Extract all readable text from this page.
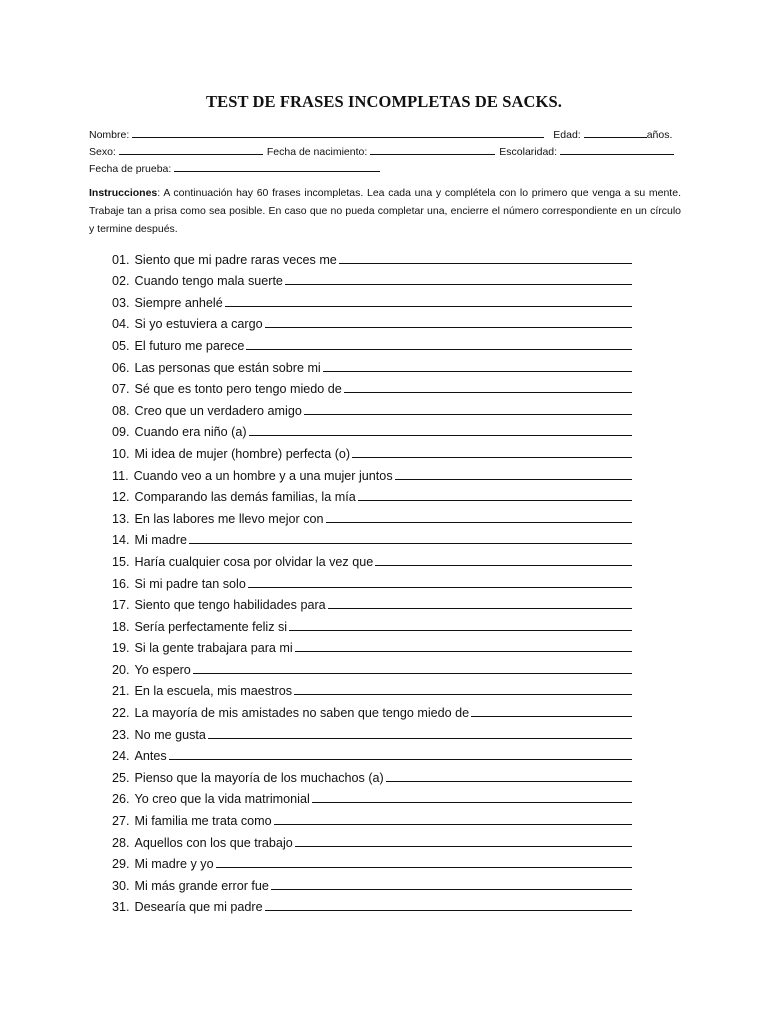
TEST DE FRASES INCOMPLETAS DE SACKS.
Nombre:	Edad:	años.
Sexo:	Fecha de nacimiento:	Escolaridad:
Fecha de prueba:
Instrucciones: A continuación hay 60 frases incompletas. Lea cada una y complétela con lo primero que venga a su mente. Trabaje tan a prisa como sea posible. En caso que no pueda completar una, encierre el número correspondiente en un círculo y termine después.
01. Siento que mi padre raras veces me
02. Cuando tengo mala suerte
03. Siempre anhelé
04. Si yo estuviera a cargo
05. El futuro me parece
06. Las personas que están sobre mi
07. Sé que es tonto pero tengo miedo de
08. Creo que un verdadero amigo
09. Cuando era niño (a)
10. Mi idea de mujer (hombre) perfecta (o)
11. Cuando veo a un hombre y a una mujer juntos
12. Comparando las demás familias, la mía
13. En las labores me llevo mejor con
14. Mi madre
15. Haría cualquier cosa por olvidar la vez que
16. Si mi padre tan solo
17. Siento que tengo habilidades para
18. Sería perfectamente feliz si
19. Si la gente trabajara para mi
20. Yo espero
21. En la escuela, mis maestros
22. La mayoría de mis amistades no saben que tengo miedo de
23. No me gusta
24. Antes
25. Pienso que la mayoría de los muchachos (a)
26. Yo creo que la vida matrimonial
27. Mi familia me trata como
28. Aquellos con los que trabajo
29. Mi madre y yo
30. Mi más grande error fue
31. Desearía que mi padre
